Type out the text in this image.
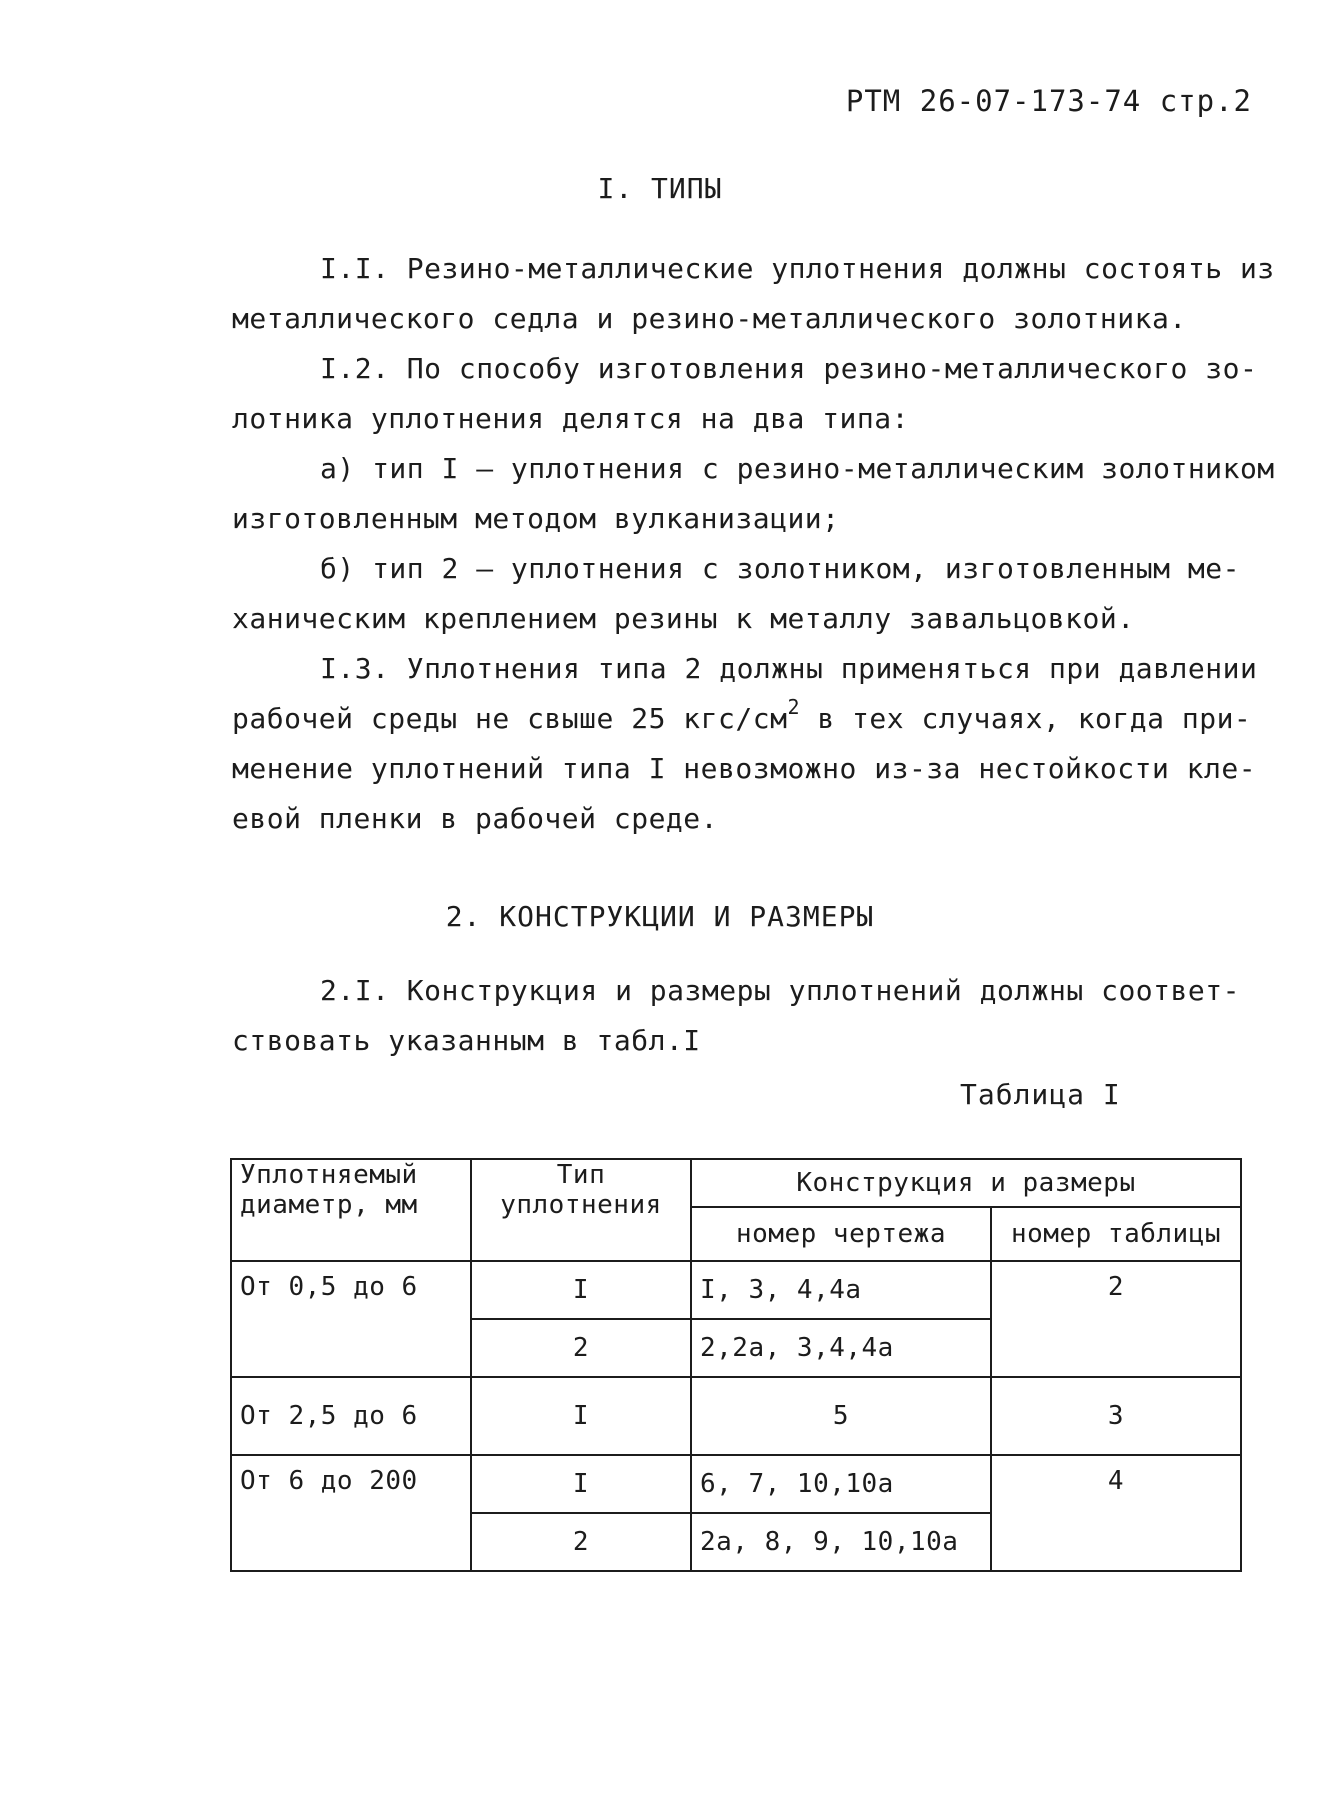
РТМ 26-07-173-74 стр.2
I. ТИПЫ
I.I. Резино-металлические уплотнения должны состоять из
металлического седла и резино-металлического золотника.
I.2. По способу изготовления резино-металлического зо-
лотника уплотнения делятся на два типа:
а) тип I – уплотнения с резино-металлическим золотником
изготовленным методом вулканизации;
б) тип 2 – уплотнения с золотником, изготовленным ме-
ханическим креплением резины к металлу завальцовкой.
I.3. Уплотнения типа 2 должны применяться при давлении
рабочей среды не свыше 25 кгс/$см^2$ в тех случаях, когда при-
менение уплотнений типа I невозможно из-за нестойкости кле-
евой пленки в рабочей среде.
2. КОНСТРУКЦИИ И РАЗМЕРЫ
2.I. Конструкция и размеры уплотнений должны соответ-
ствовать указанным в табл.I
Таблица I
Уплотняемый диаметр, мм	Тип уплотнения	Конструкция и размеры	
		номер чертежа	номер таблицы
От 0,5 до 6	I	I, 3, 4,4а	2
	2	2,2а, 3,4,4а	
От 2,5 до 6	I	5	3
От 6 до 200	I	6, 7, 10,10а	4
	2	2а, 8, 9, 10,10а	
